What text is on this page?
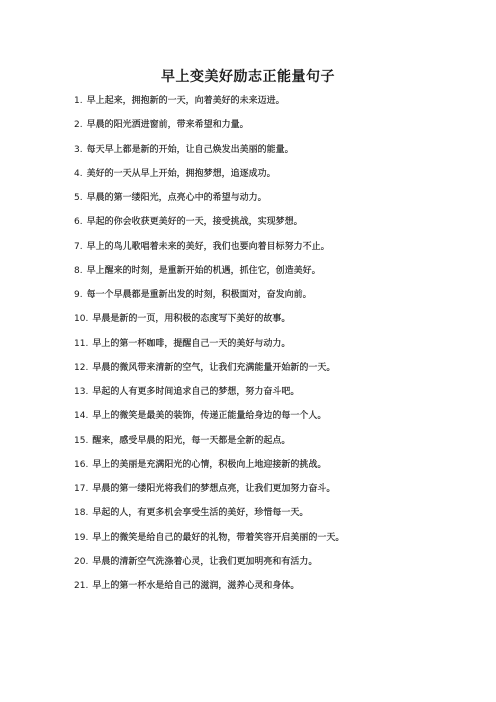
早上变美好励志正能量句子
1. 早上起来，拥抱新的一天，向着美好的未来迈进。
2. 早晨的阳光洒进窗前，带来希望和力量。
3. 每天早上都是新的开始，让自己焕发出美丽的能量。
4. 美好的一天从早上开始，拥抱梦想，追逐成功。
5. 早晨的第一缕阳光，点亮心中的希望与动力。
6. 早起的你会收获更美好的一天，接受挑战，实现梦想。
7. 早上的鸟儿歌唱着未来的美好，我们也要向着目标努力不止。
8. 早上醒来的时刻，是重新开始的机遇，抓住它，创造美好。
9. 每一个早晨都是重新出发的时刻，积极面对，奋发向前。
10. 早晨是新的一页，用积极的态度写下美好的故事。
11. 早上的第一杯咖啡，提醒自己一天的美好与动力。
12. 早晨的微风带来清新的空气，让我们充满能量开始新的一天。
13. 早起的人有更多时间追求自己的梦想，努力奋斗吧。
14. 早上的微笑是最美的装饰，传递正能量给身边的每一个人。
15. 醒来，感受早晨的阳光，每一天都是全新的起点。
16. 早上的美丽是充满阳光的心情，积极向上地迎接新的挑战。
17. 早晨的第一缕阳光将我们的梦想点亮，让我们更加努力奋斗。
18. 早起的人，有更多机会享受生活的美好，珍惜每一天。
19. 早上的微笑是给自己的最好的礼物，带着笑容开启美丽的一天。
20. 早晨的清新空气洗涤着心灵，让我们更加明亮和有活力。
21. 早上的第一杯水是给自己的滋润，滋养心灵和身体。
